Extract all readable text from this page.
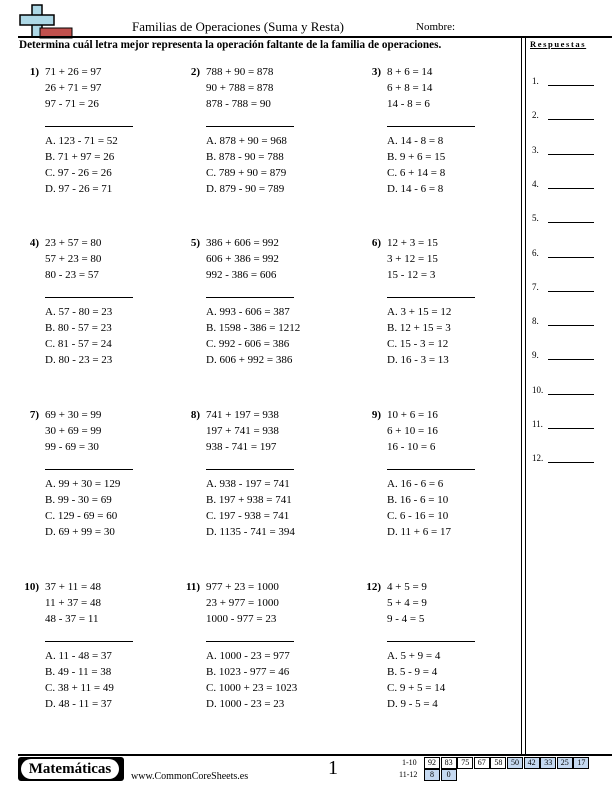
Familias de Operaciones (Suma y Resta)	Nombre:
Determina cuál letra mejor representa la operación faltante de la familia de operaciones.	Respuestas
1) 71 + 26 = 97
26 + 71 = 97
97 - 71 = 26
A. 123 - 71 = 52
B. 71 + 97 = 26
C. 97 - 26 = 26
D. 97 - 26 = 71
2) 788 + 90 = 878
90 + 788 = 878
878 - 788 = 90
A. 878 + 90 = 968
B. 878 - 90 = 788
C. 789 + 90 = 879
D. 879 - 90 = 789
3) 8 + 6 = 14
6 + 8 = 14
14 - 8 = 6
A. 14 - 8 = 8
B. 9 + 6 = 15
C. 6 + 14 = 8
D. 14 - 6 = 8
4) 23 + 57 = 80
57 + 23 = 80
80 - 23 = 57
A. 57 - 80 = 23
B. 80 - 57 = 23
C. 81 - 57 = 24
D. 80 - 23 = 23
5) 386 + 606 = 992
606 + 386 = 992
992 - 386 = 606
A. 993 - 606 = 387
B. 1598 - 386 = 1212
C. 992 - 606 = 386
D. 606 + 992 = 386
6) 12 + 3 = 15
3 + 12 = 15
15 - 12 = 3
A. 3 + 15 = 12
B. 12 + 15 = 3
C. 15 - 3 = 12
D. 16 - 3 = 13
7) 69 + 30 = 99
30 + 69 = 99
99 - 69 = 30
A. 99 + 30 = 129
B. 99 - 30 = 69
C. 129 - 69 = 60
D. 69 + 99 = 30
8) 741 + 197 = 938
197 + 741 = 938
938 - 741 = 197
A. 938 - 197 = 741
B. 197 + 938 = 741
C. 197 - 938 = 741
D. 1135 - 741 = 394
9) 10 + 6 = 16
6 + 10 = 16
16 - 10 = 6
A. 16 - 6 = 6
B. 16 - 6 = 10
C. 6 - 16 = 10
D. 11 + 6 = 17
10) 37 + 11 = 48
11 + 37 = 48
48 - 37 = 11
A. 11 - 48 = 37
B. 49 - 11 = 38
C. 38 + 11 = 49
D. 48 - 11 = 37
11) 977 + 23 = 1000
23 + 977 = 1000
1000 - 977 = 23
A. 1000 - 23 = 977
B. 1023 - 977 = 46
C. 1000 + 23 = 1023
D. 1000 - 23 = 23
12) 4 + 5 = 9
5 + 4 = 9
9 - 4 = 5
A. 5 + 9 = 4
B. 5 - 9 = 4
C. 9 + 5 = 14
D. 9 - 5 = 4
1.
2.
3.
4.
5.
6.
7.
8.
9.
10.
11.
12.
Matemáticas	www.CommonCoreSheets.es	1	1-10	92	83	75	67	58	50	42	33	25	17
11-12	8	0
